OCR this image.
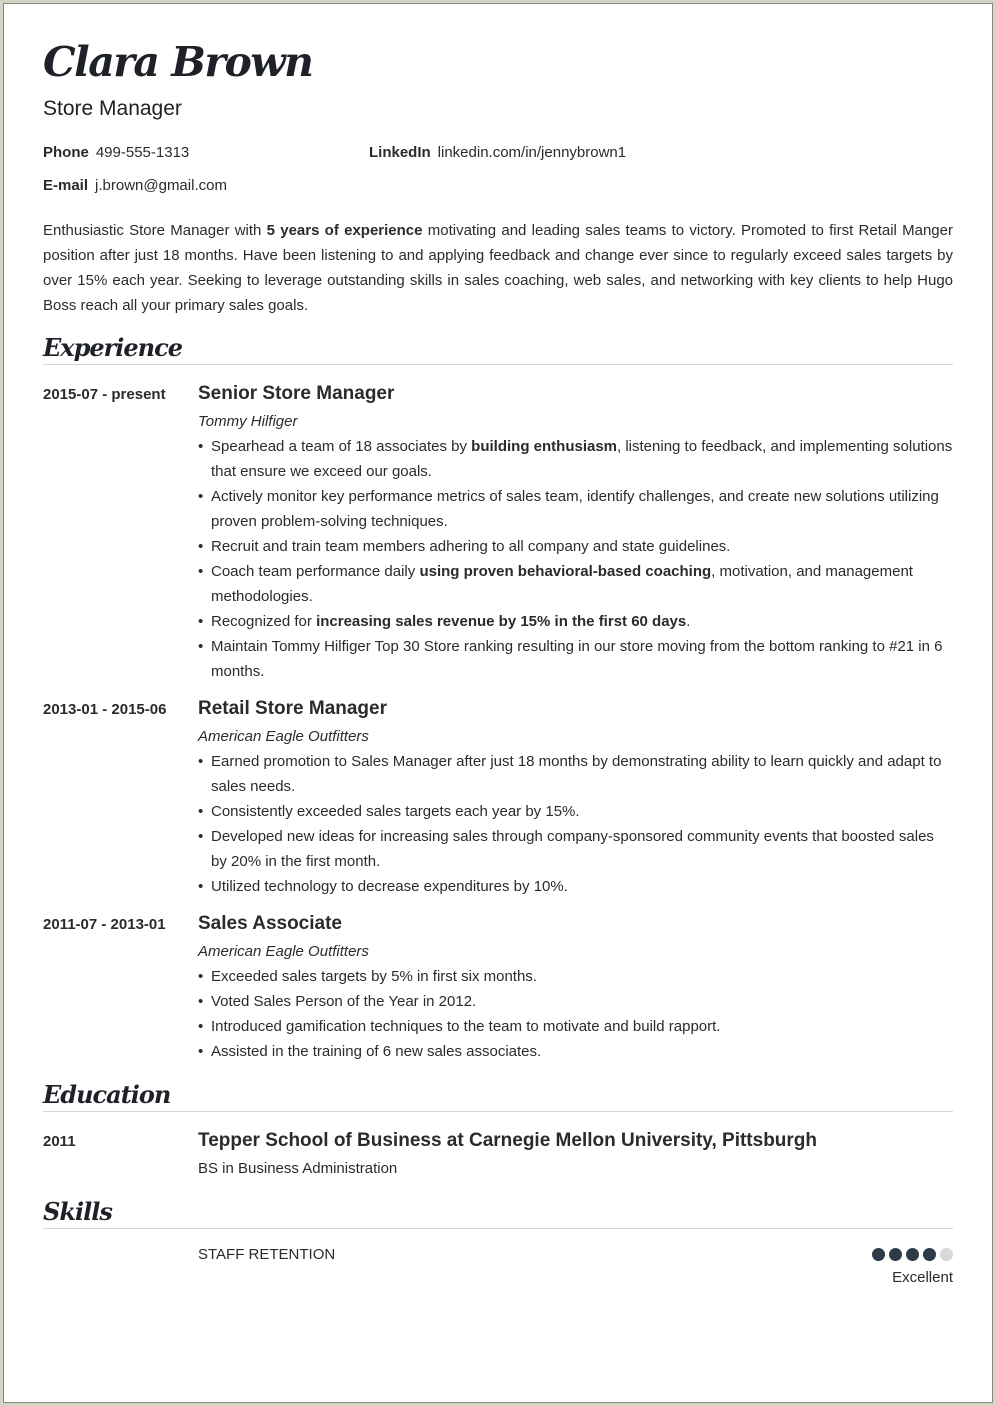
Clara Brown
Store Manager
Phone 499-555-1313	LinkedIn linkedin.com/in/jennybrown1
E-mail j.brown@gmail.com

Enthusiastic Store Manager with 5 years of experience motivating and leading sales teams to victory. Promoted to first Retail Manger position after just 18 months. Have been listening to and applying feedback and change ever since to regularly exceed sales targets by over 15% each year. Seeking to leverage outstanding skills in sales coaching, web sales, and networking with key clients to help Hugo Boss reach all your primary sales goals.

Experience
2015-07 - present Senior Store Manager
Tommy Hilfiger
• Spearhead a team of 18 associates by building enthusiasm, listening to feedback, and implementing solutions that ensure we exceed our goals.
• Actively monitor key performance metrics of sales team, identify challenges, and create new solutions utilizing proven problem-solving techniques.
• Recruit and train team members adhering to all company and state guidelines.
• Coach team performance daily using proven behavioral-based coaching, motivation, and management methodologies.
• Recognized for increasing sales revenue by 15% in the first 60 days.
• Maintain Tommy Hilfiger Top 30 Store ranking resulting in our store moving from the bottom ranking to #21 in 6 months.
2013-01 - 2015-06 Retail Store Manager
American Eagle Outfitters
• Earned promotion to Sales Manager after just 18 months by demonstrating ability to learn quickly and adapt to sales needs.
• Consistently exceeded sales targets each year by 15%.
• Developed new ideas for increasing sales through company-sponsored community events that boosted sales by 20% in the first month.
• Utilized technology to decrease expenditures by 10%.
2011-07 - 2013-01 Sales Associate
American Eagle Outfitters
• Exceeded sales targets by 5% in first six months.
• Voted Sales Person of the Year in 2012.
• Introduced gamification techniques to the team to motivate and build rapport.
• Assisted in the training of 6 new sales associates.
Education
2011	Tepper School of Business at Carnegie Mellon University, Pittsburgh
BS in Business Administration
Skills
STAFF RETENTION
Excellent
